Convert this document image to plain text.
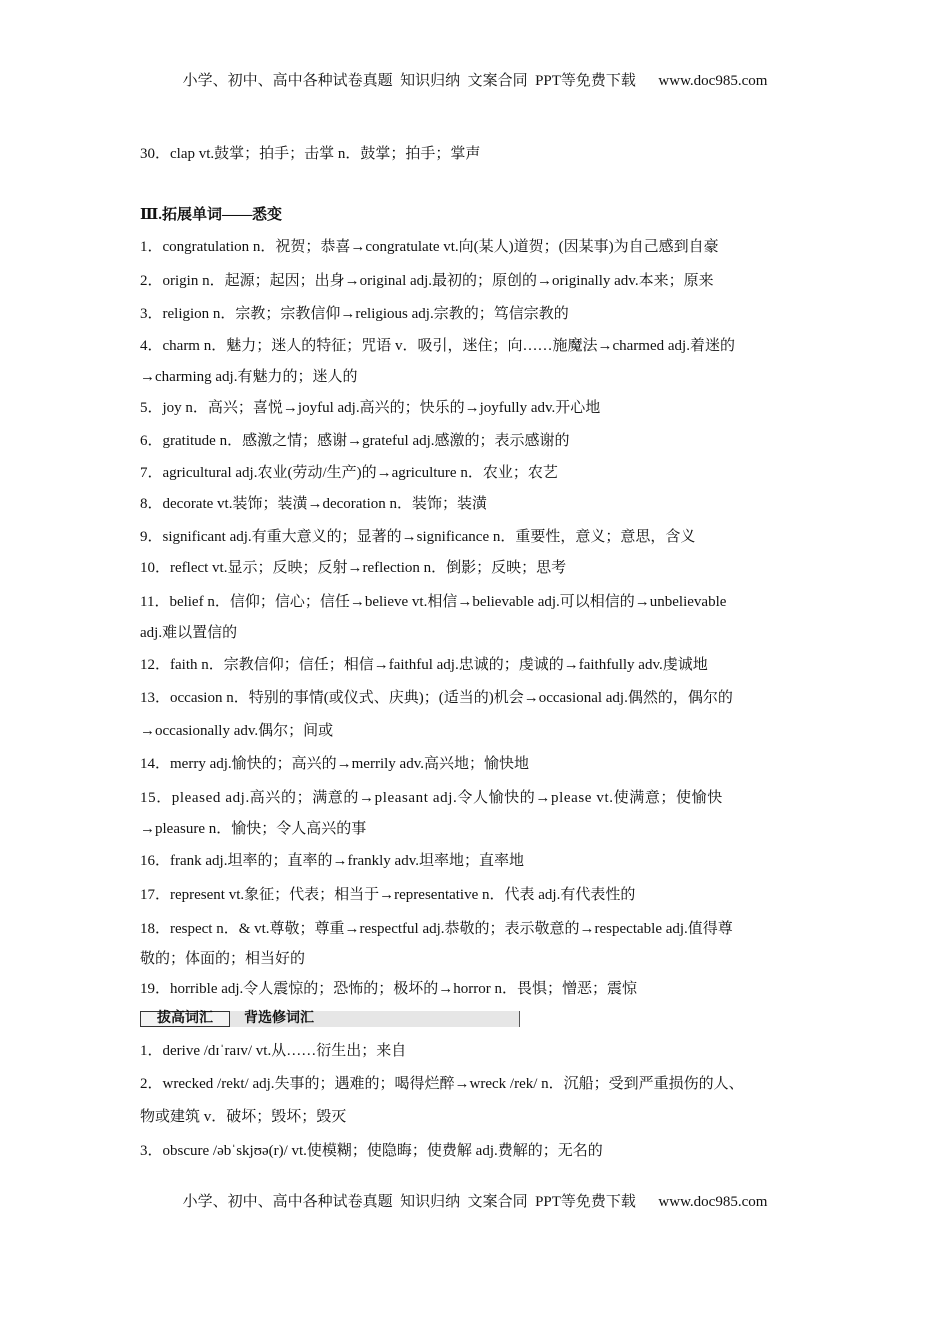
小学、初中、高中各种试卷真题  知识归纳  文案合同  PPT等免费下载      www.doc985.com
30．clap vt.鼓掌；拍手；击掌 n．鼓掌；拍手；掌声
Ⅲ.拓展单词——悉变
1．congratulation n．祝贺；恭喜→congratulate vt.向(某人)道贺；(因某事)为自己感到自豪
2．origin n．起源；起因；出身→original adj.最初的；原创的→originally adv.本来；原来
3．religion n．宗教；宗教信仰→religious adj.宗教的；笃信宗教的
4．charm n．魅力；迷人的特征；咒语 v．吸引，迷住；向……施魔法→charmed adj.着迷的
→charming adj.有魅力的；迷人的
5．joy n．高兴；喜悦→joyful adj.高兴的；快乐的→joyfully adv.开心地
6．gratitude n．感激之情；感谢→grateful adj.感激的；表示感谢的
7．agricultural adj.农业(劳动/生产)的→agriculture n．农业；农艺
8．decorate vt.装饰；装潢→decoration n．装饰；装潢
9．significant adj.有重大意义的；显著的→significance n．重要性，意义；意思，含义
10．reflect vt.显示；反映；反射→reflection n．倒影；反映；思考
11．belief n．信仰；信心；信任→believe vt.相信→believable adj.可以相信的→unbelievable
adj.难以置信的
12．faith n．宗教信仰；信任；相信→faithful adj.忠诚的；虔诚的→faithfully adv.虔诚地
13．occasion n．特别的事情(或仪式、庆典)；(适当的)机会→occasional adj.偶然的，偶尔的
→occasionally adv.偶尔；间或
14．merry adj.愉快的；高兴的→merrily adv.高兴地；愉快地
15．pleased adj.高兴的；满意的→pleasant adj.令人愉快的→please vt.使满意；使愉快
→pleasure n．愉快；令人高兴的事
16．frank adj.坦率的；直率的→frankly adv.坦率地；直率地
17．represent vt.象征；代表；相当于→representative n．代表 adj.有代表性的
18．respect n．& vt.尊敬；尊重→respectful adj.恭敬的；表示敬意的→respectable adj.值得尊
敬的；体面的；相当好的
19．horrible adj.令人震惊的；恐怖的；极坏的→horror n．畏惧；憎恶；震惊
拔高词汇	背选修词汇
1．derive /dɪˈraɪv/ vt.从……衍生出；来自
2．wrecked /rekt/ adj.失事的；遇难的；喝得烂醉→wreck /rek/ n．沉船；受到严重损伤的人、
物或建筑 v．破坏；毁坏；毁灭
3．obscure /əbˈskjʊə(r)/ vt.使模糊；使隐晦；使费解 adj.费解的；无名的
小学、初中、高中各种试卷真题  知识归纳  文案合同  PPT等免费下载      www.doc985.com
